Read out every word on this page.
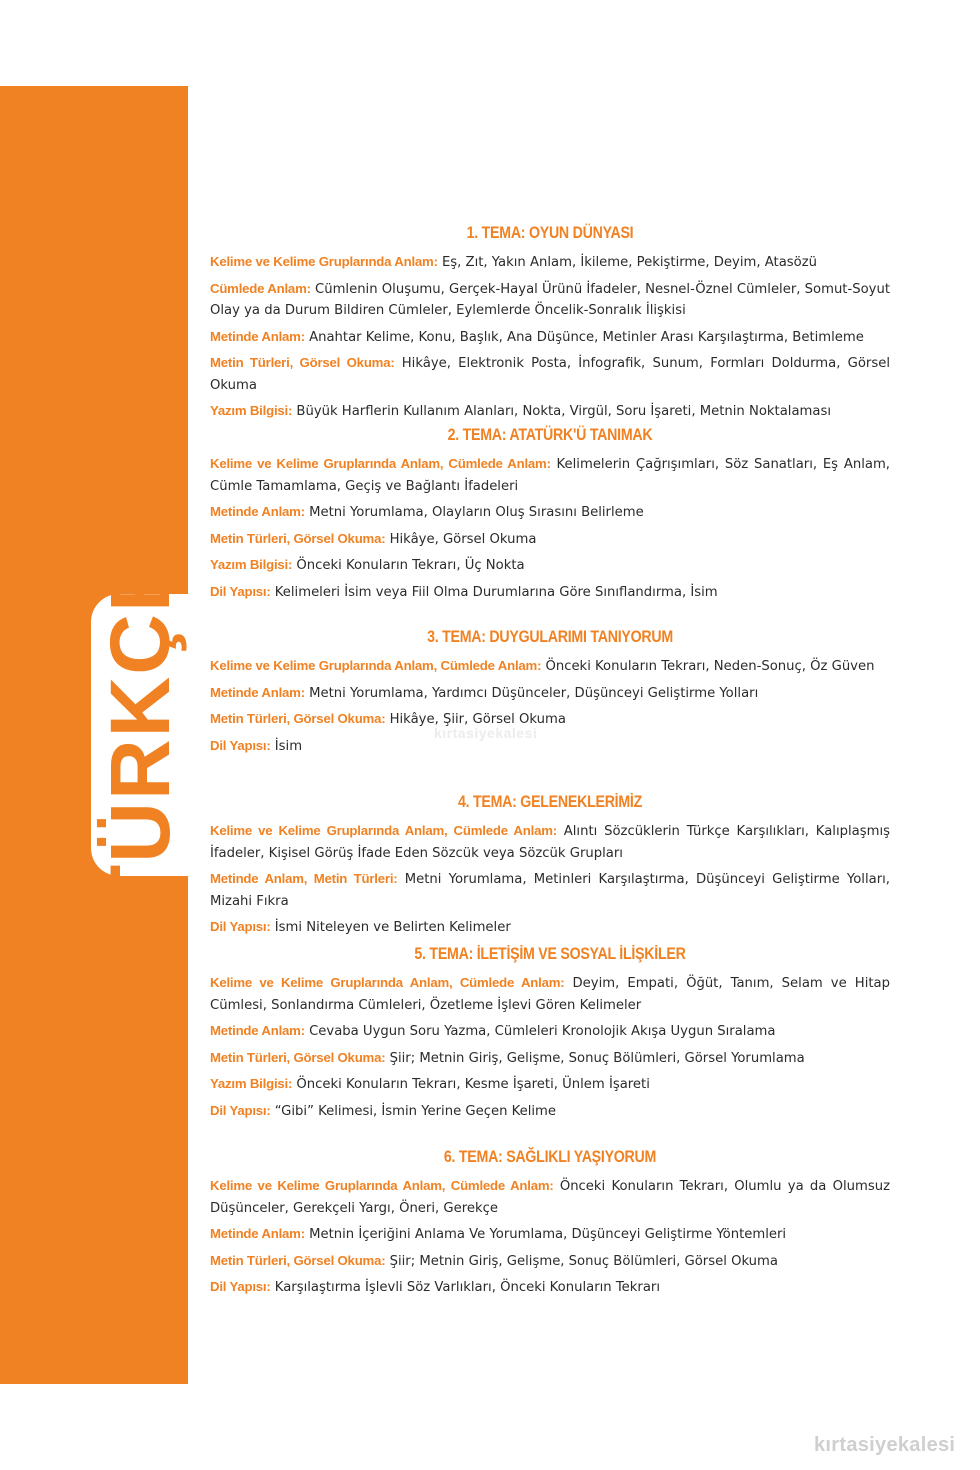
TÜRKÇE
1. TEMA: OYUN DÜNYASI

Kelime ve Kelime Gruplarında Anlam: Eş, Zıt, Yakın Anlam, İkileme, Pekiştirme, Deyim, Atasözü

Cümlede Anlam: Cümlenin Oluşumu, Gerçek-Hayal Ürünü İfadeler, Nesnel-Öznel Cümleler, Somut-Soyut Olay ya da Durum Bildiren Cümleler, Eylemlerde Öncelik-Sonralık İlişkisi

Metinde Anlam: Anahtar Kelime, Konu, Başlık, Ana Düşünce, Metinler Arası Karşılaştırma, Betimleme

Metin Türleri, Görsel Okuma: Hikâye, Elektronik Posta, İnfografik, Sunum, Formları Doldurma, Görsel Okuma

Yazım Bilgisi: Büyük Harflerin Kullanım Alanları, Nokta, Virgül, Soru İşareti, Metnin Noktalaması

2. TEMA: ATATÜRK'Ü TANIMAK

Kelime ve Kelime Gruplarında Anlam, Cümlede Anlam: Kelimelerin Çağrışımları, Söz Sanatları, Eş Anlam, Cümle Tamamlama, Geçiş ve Bağlantı İfadeleri

Metinde Anlam: Metni Yorumlama, Olayların Oluş Sırasını Belirleme

Metin Türleri, Görsel Okuma: Hikâye, Görsel Okuma

Yazım Bilgisi: Önceki Konuların Tekrarı, Üç Nokta

Dil Yapısı: Kelimeleri İsim veya Fiil Olma Durumlarına Göre Sınıflandırma, İsim

3. TEMA: DUYGULARIMI TANIYORUM

Kelime ve Kelime Gruplarında Anlam, Cümlede Anlam: Önceki Konuların Tekrarı, Neden-Sonuç, Öz Güven

Metinde Anlam: Metni Yorumlama, Yardımcı Düşünceler, Düşünceyi Geliştirme Yolları

Metin Türleri, Görsel Okuma: Hikâye, Şiir, Görsel Okuma

Dil Yapısı: İsim

4. TEMA: GELENEKLERİMİZ

Kelime ve Kelime Gruplarında Anlam, Cümlede Anlam: Alıntı Sözcüklerin Türkçe Karşılıkları, Kalıplaşmış İfadeler, Kişisel Görüş İfade Eden Sözcük veya Sözcük Grupları

Metinde Anlam, Metin Türleri: Metni Yorumlama, Metinleri Karşılaştırma, Düşünceyi Geliştirme Yolları, Mizahi Fıkra

Dil Yapısı: İsmi Niteleyen ve Belirten Kelimeler

5. TEMA: İLETİŞİM VE SOSYAL İLİŞKİLER

Kelime ve Kelime Gruplarında Anlam, Cümlede Anlam: Deyim, Empati, Öğüt, Tanım, Selam ve Hitap Cümlesi, Sonlandırma Cümleleri, Özetleme İşlevi Gören Kelimeler

Metinde Anlam: Cevaba Uygun Soru Yazma, Cümleleri Kronolojik Akışa Uygun Sıralama

Metin Türleri, Görsel Okuma: Şiir; Metnin Giriş, Gelişme, Sonuç Bölümleri, Görsel Yorumlama

Yazım Bilgisi: Önceki Konuların Tekrarı, Kesme İşareti, Ünlem İşareti

Dil Yapısı: “Gibi” Kelimesi, İsmin Yerine Geçen Kelime

6. TEMA: SAĞLIKLI YAŞIYORUM

Kelime ve Kelime Gruplarında Anlam, Cümlede Anlam: Önceki Konuların Tekrarı, Olumlu ya da Olumsuz Düşünceler, Gerekçeli Yargı, Öneri, Gerekçe

Metinde Anlam: Metnin İçeriğini Anlama Ve Yorumlama, Düşünceyi Geliştirme Yöntemleri

Metin Türleri, Görsel Okuma: Şiir; Metnin Giriş, Gelişme, Sonuç Bölümleri, Görsel Okuma

Dil Yapısı: Karşılaştırma İşlevli Söz Varlıkları, Önceki Konuların Tekrarı

kırtasiyekalesi
kırtasiyekalesi
